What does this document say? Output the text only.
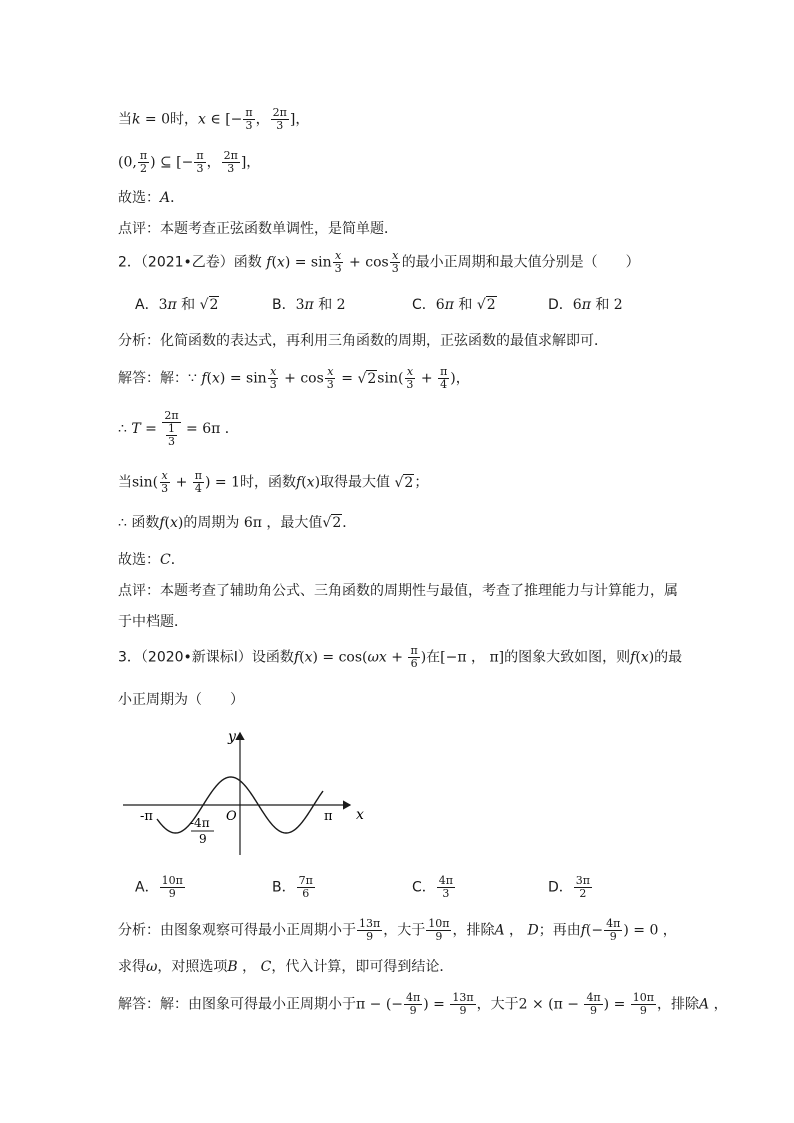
当k = 0时，x ∈ [− $\frac{\pi}{3}$ ， $\frac{2\pi}{3}$ ]，
(0, $\frac{\pi}{2}$ ) ⊆ [− $\frac{\pi}{3}$ ， $\frac{2\pi}{3}$ ]，
故选：A．
点评：本题考查正弦函数单调性，是简单题．
2．（2021•乙卷）函数 $f(x) = \sin \frac{x}{3} + \cos \frac{x}{3}$ 的最小正周期和最大值分别是（　　）
A．3π 和 √2	B．3π 和 2	C．6π 和 √2	D．6π 和 2
分析：化简函数的表达式，再利用三角函数的周期，正弦函数的最值求解即可．
解答：解：∵ $f(x) = \sin \frac{x}{3} + \cos \frac{x}{3} = √2\sin( \frac{x}{3} + \frac{\pi}{4}$ )，
∴ $T = \frac{2\pi}{\frac{1}{3}} = 6\pi$ ．
当$\sin( \frac{x}{3} + \frac{\pi}{4}$ ) = 1时，函数f(x)取得最大值 √2；
∴ 函数f(x)的周期为 6π ，最大值√2．
故选：C．
点评：本题考查了辅助角公式、三角函数的周期性与最值，考查了推理能力与计算能力，属
于中档题．
3．（2020•新课标Ⅰ）设函数$f(x) = \cos(\omega x + \frac{\pi}{6}$ )在[−π ， π]的图象大致如图，则f(x)的最
小正周期为（　　）
y
x
O
-π	π
-4π
9
A． $\frac{10\pi}{9}$	B． $\frac{7\pi}{6}$	C． $\frac{4\pi}{3}$	D． $\frac{3\pi}{2}$
分析：由图象观察可得最小正周期小于 $\frac{13\pi}{9}$ ，大于 $\frac{10\pi}{9}$ ，排除A ， D；再由$f(- \frac{4\pi}{9}$ ) = 0 ，
求得ω，对照选项B ， C，代入计算，即可得到结论．
解答：解：由图象可得最小正周期小于π − (− $\frac{4\pi}{9}$ ) = $\frac{13\pi}{9}$ ，大于$2 \times (\pi - \frac{4\pi}{9}$ ) = $\frac{10\pi}{9}$ ，排除A ，
